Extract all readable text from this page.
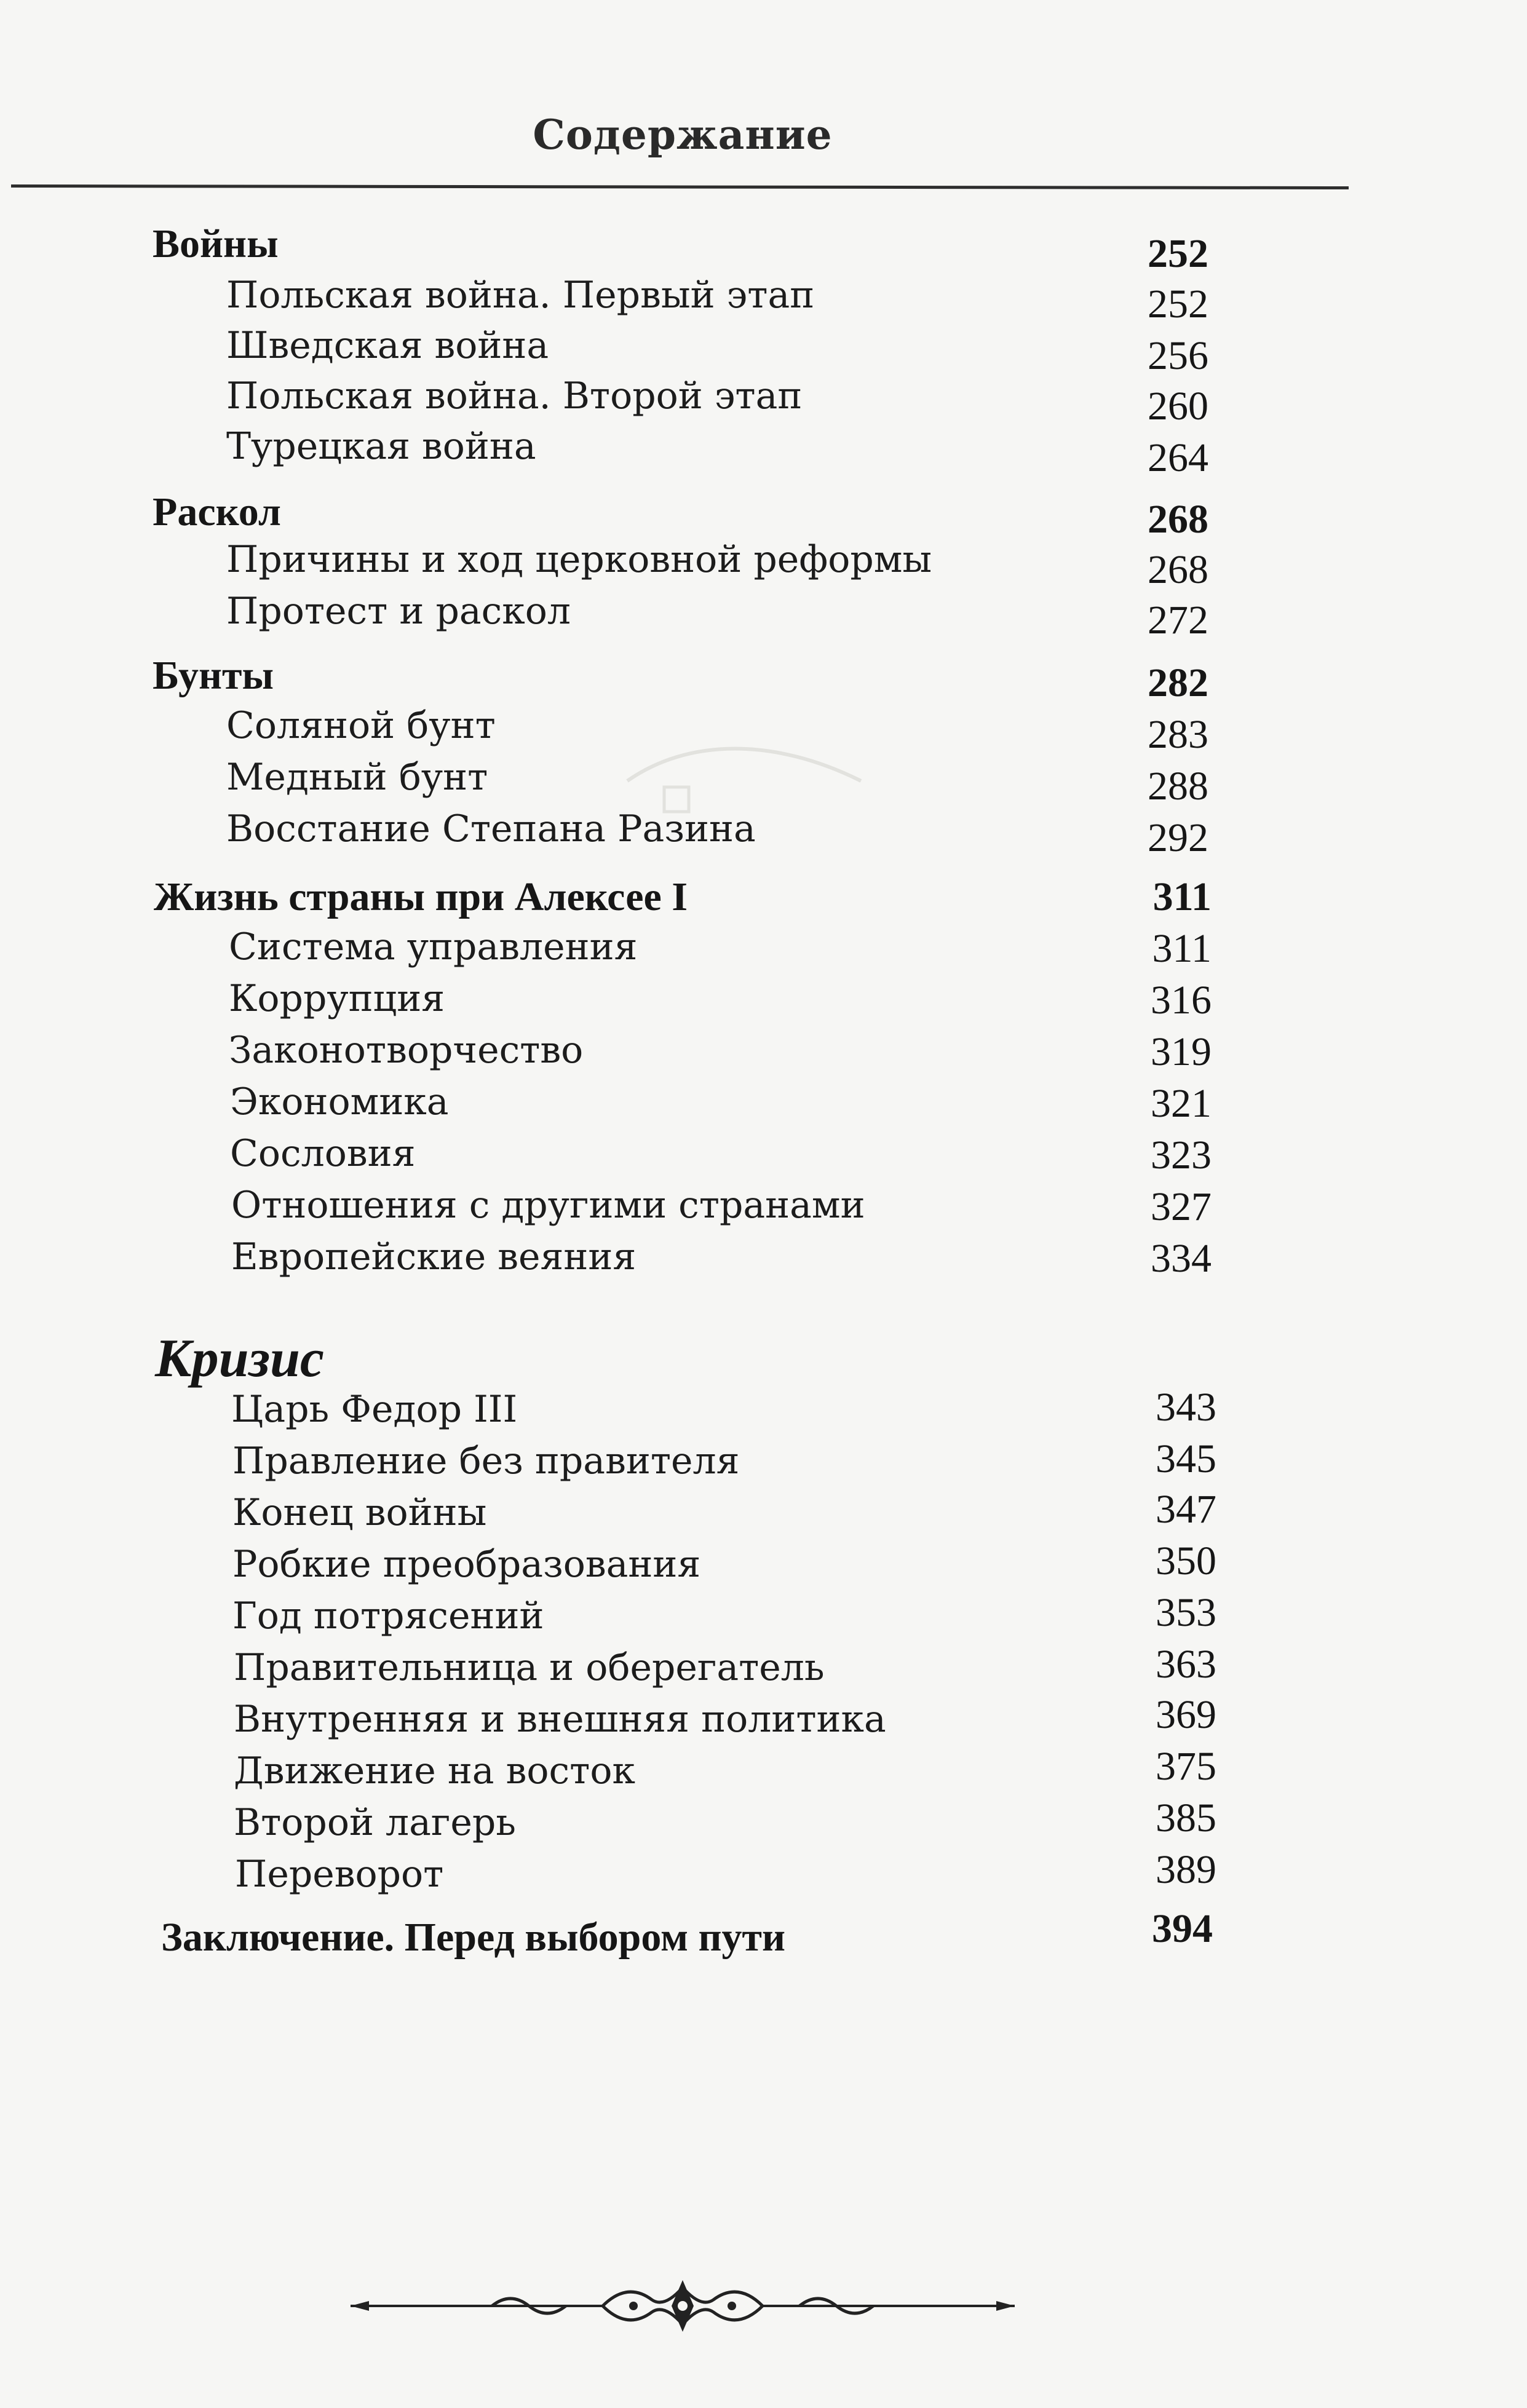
Содержание
Войны	252
Польская война. Первый этап	252
Шведская война	256
Польская война. Второй этап	260
Турецкая война	264
Раскол	268
Причины и ход церковной реформы	268
Протест и раскол	272
Бунты	282
Соляной бунт	283
Медный бунт	288
Восстание Степана Разина	292
Жизнь страны при Алексее I	311
Система управления	311
Коррупция	316
Законотворчество	319
Экономика	321
Сословия	323
Отношения с другими странами	327
Европейские веяния	334
Кризис
Царь Федор III	343
Правление без правителя	345
Конец войны	347
Робкие преобразования	350
Год потрясений	353
Правительница и оберегатель	363
Внутренняя и внешняя политика	369
Движение на восток	375
Второй лагерь	385
Переворот	389
Заключение. Перед выбором пути	394
